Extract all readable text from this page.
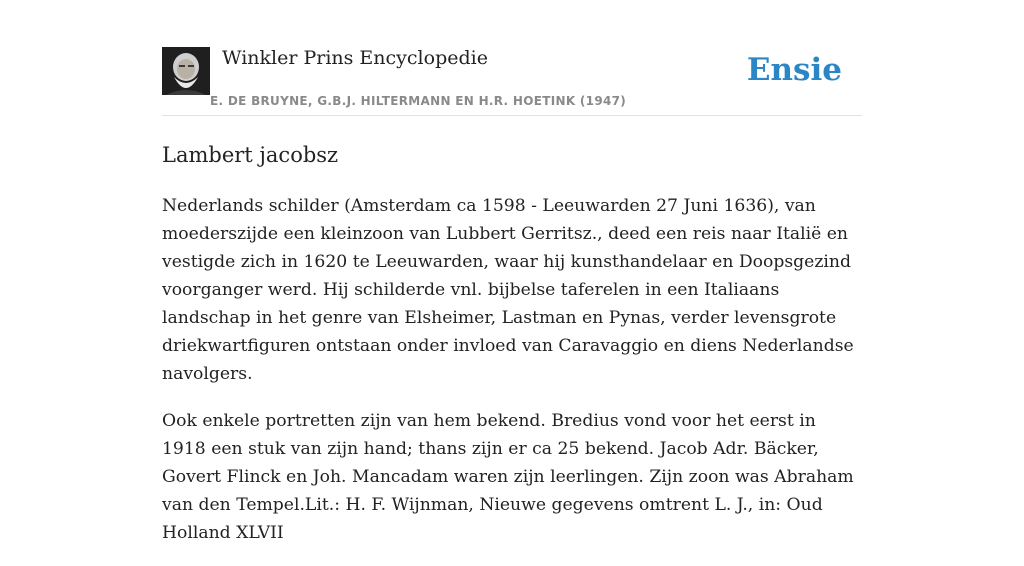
Winkler Prins Encyclopedie
E. DE BRUYNE, G.B.J. HILTERMANN EN H.R. HOETINK (1947)
Ensie
Lambert jacobsz

Nederlands schilder (Amsterdam ca 1598 - Leeuwarden 27 Juni 1636), van moederszijde een kleinzoon van Lubbert Gerritsz., deed een reis naar Italië en vestigde zich in 1620 te Leeuwarden, waar hij kunsthandelaar en Doopsgezind voorganger werd. Hij schilderde vnl. bijbelse taferelen in een Italiaans landschap in het genre van Elsheimer, Lastman en Pynas, verder levensgrote driekwartfiguren ontstaan onder invloed van Caravaggio en diens Nederlandse navolgers.

Ook enkele portretten zijn van hem bekend. Bredius vond voor het eerst in 1918 een stuk van zijn hand; thans zijn er ca 25 bekend. Jacob Adr. Bäcker, Govert Flinck en Joh. Mancadam waren zijn leerlingen. Zijn zoon was Abraham van den Tempel.Lit.: H. F. Wijnman, Nieuwe gegevens omtrent L. J., in: Oud Holland XLVII
